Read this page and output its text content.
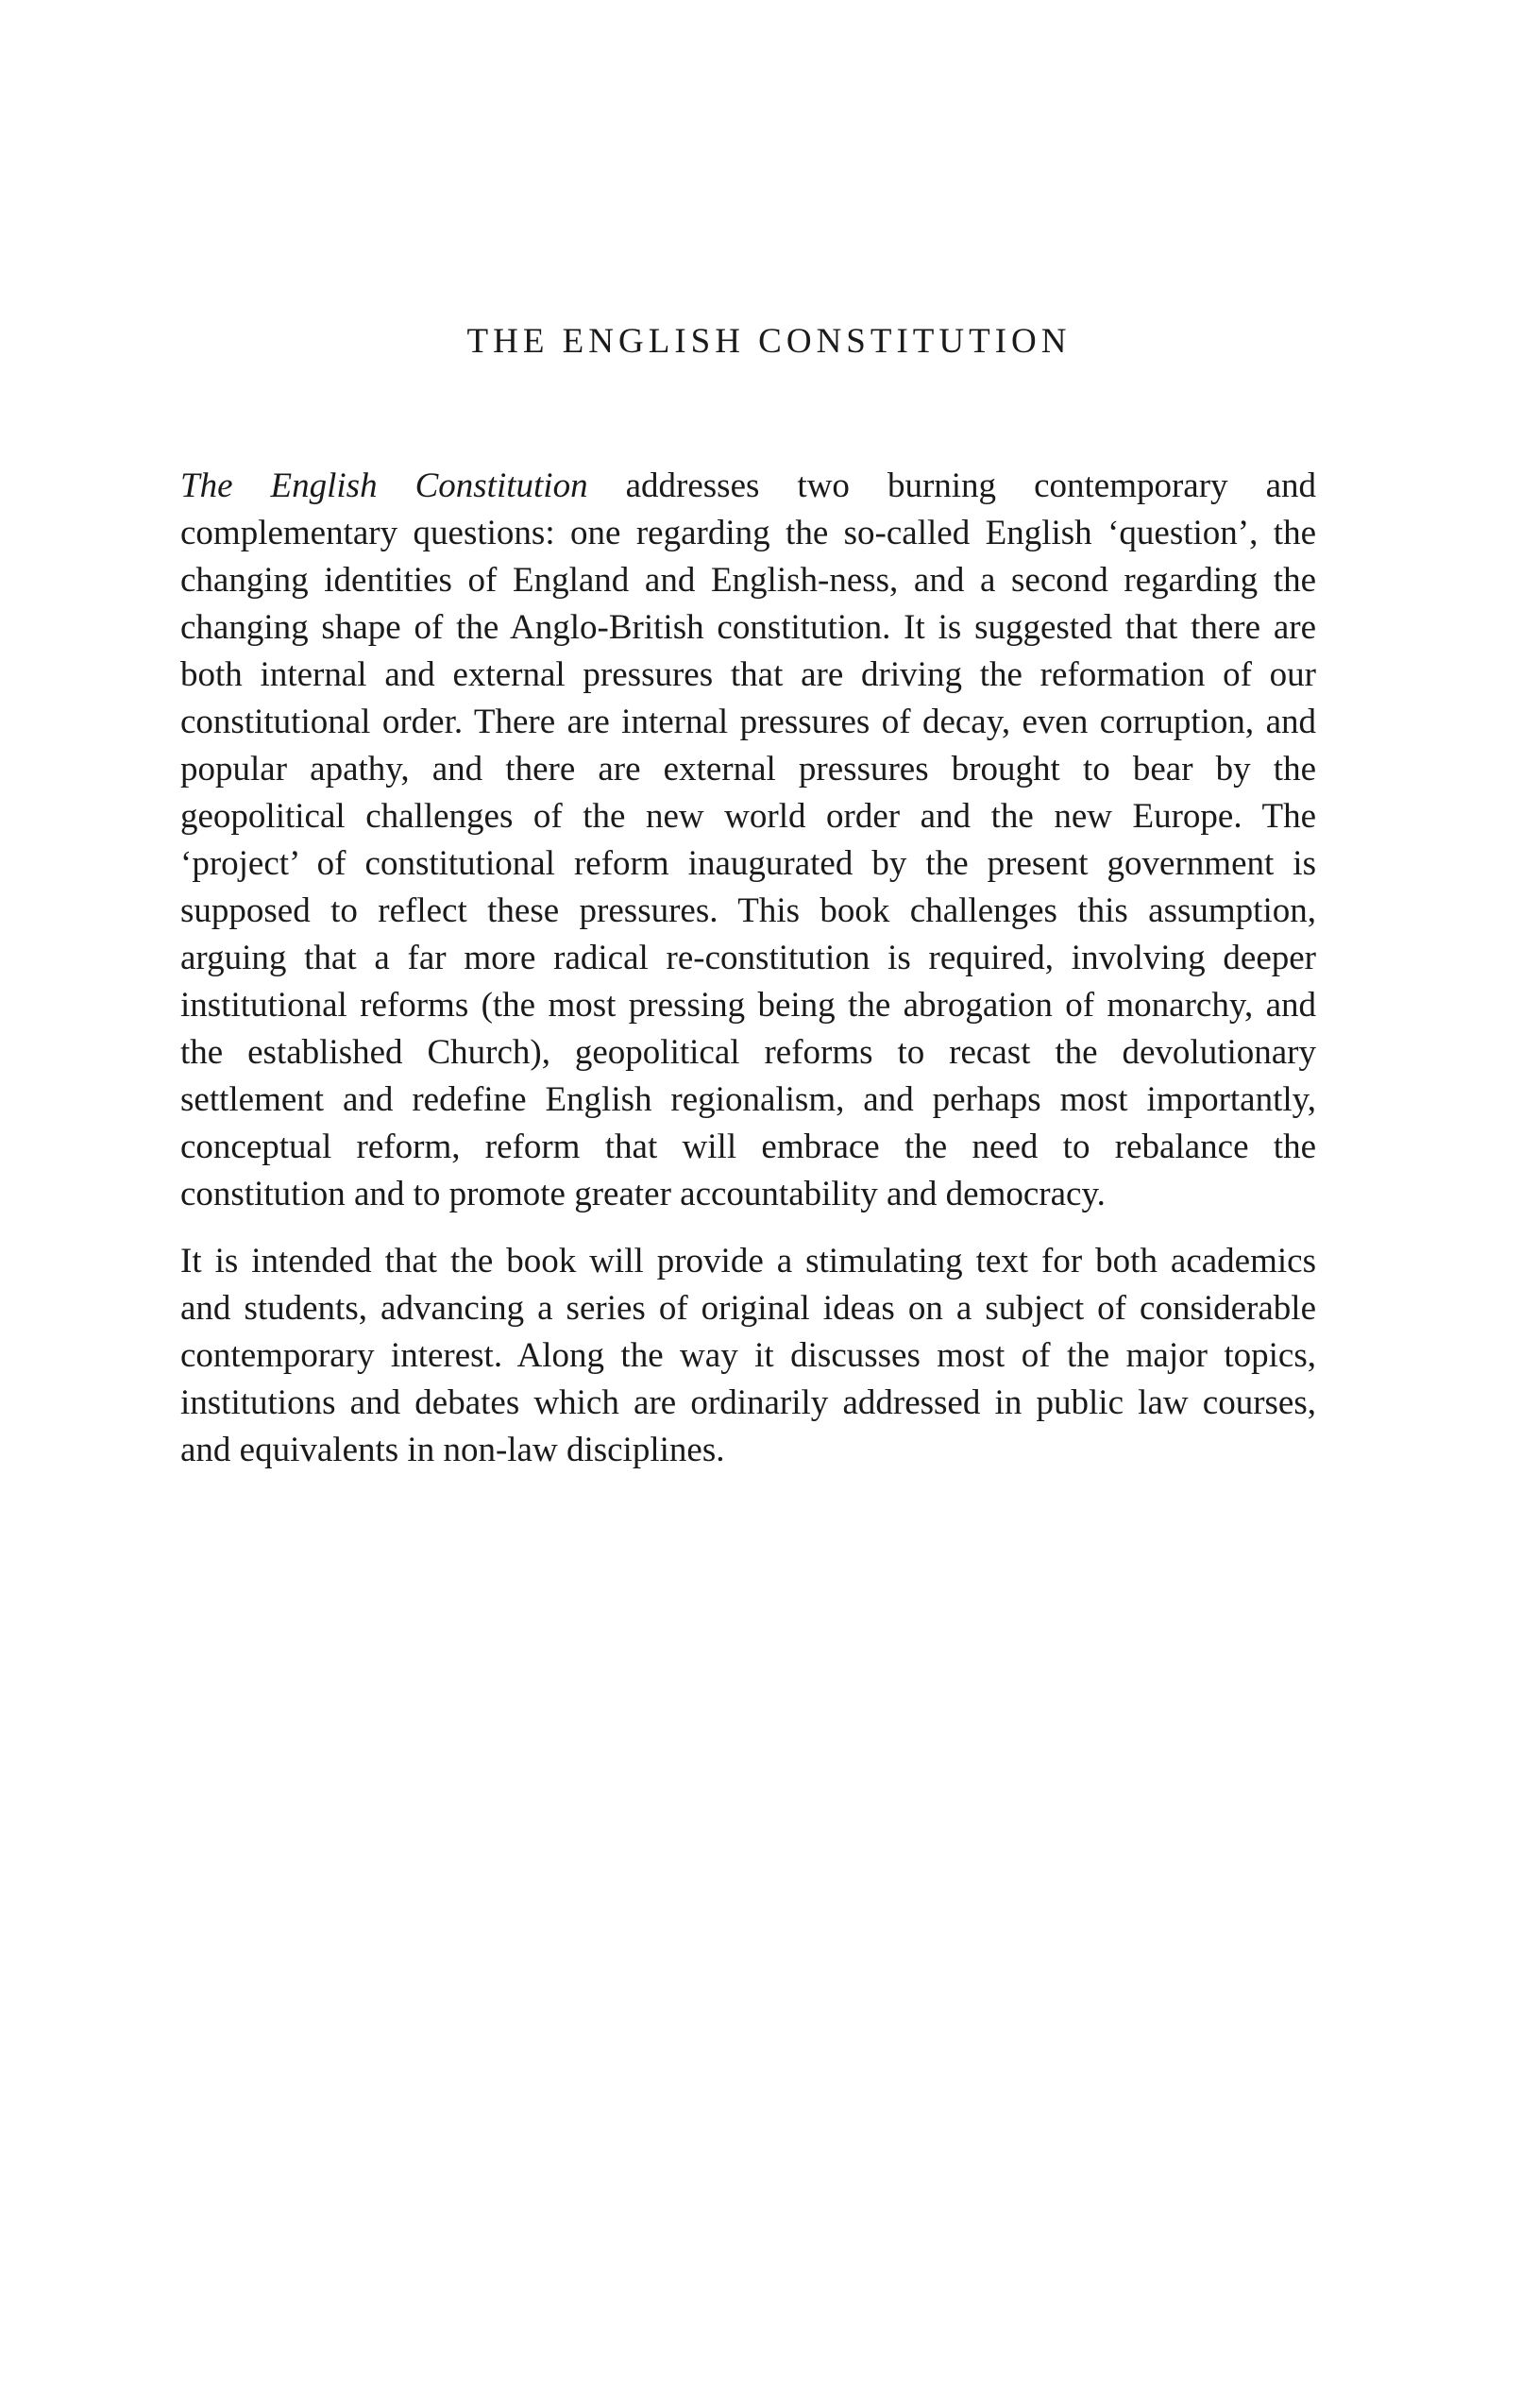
THE ENGLISH CONSTITUTION

The English Constitution addresses two burning contemporary and complementary questions: one regarding the so-called English ‘question’, the changing identities of England and English-ness, and a second regarding the changing shape of the Anglo-British constitution. It is suggested that there are both internal and external pressures that are driving the reformation of our constitutional order. There are internal pressures of decay, even corruption, and popular apathy, and there are external pressures brought to bear by the geopolitical challenges of the new world order and the new Europe. The ‘project’ of constitutional reform inaugurated by the present government is supposed to reflect these pressures. This book challenges this assumption, arguing that a far more radical re-constitution is required, involving deeper institutional reforms (the most pressing being the abrogation of monarchy, and the established Church), geopolitical reforms to recast the devolutionary settlement and redefine English regionalism, and perhaps most importantly, conceptual reform, reform that will embrace the need to rebalance the constitution and to promote greater accountability and democracy.

It is intended that the book will provide a stimulating text for both academics and students, advancing a series of original ideas on a subject of considerable contemporary interest. Along the way it discusses most of the major topics, institutions and debates which are ordinarily addressed in public law courses, and equivalents in non-law disciplines.
